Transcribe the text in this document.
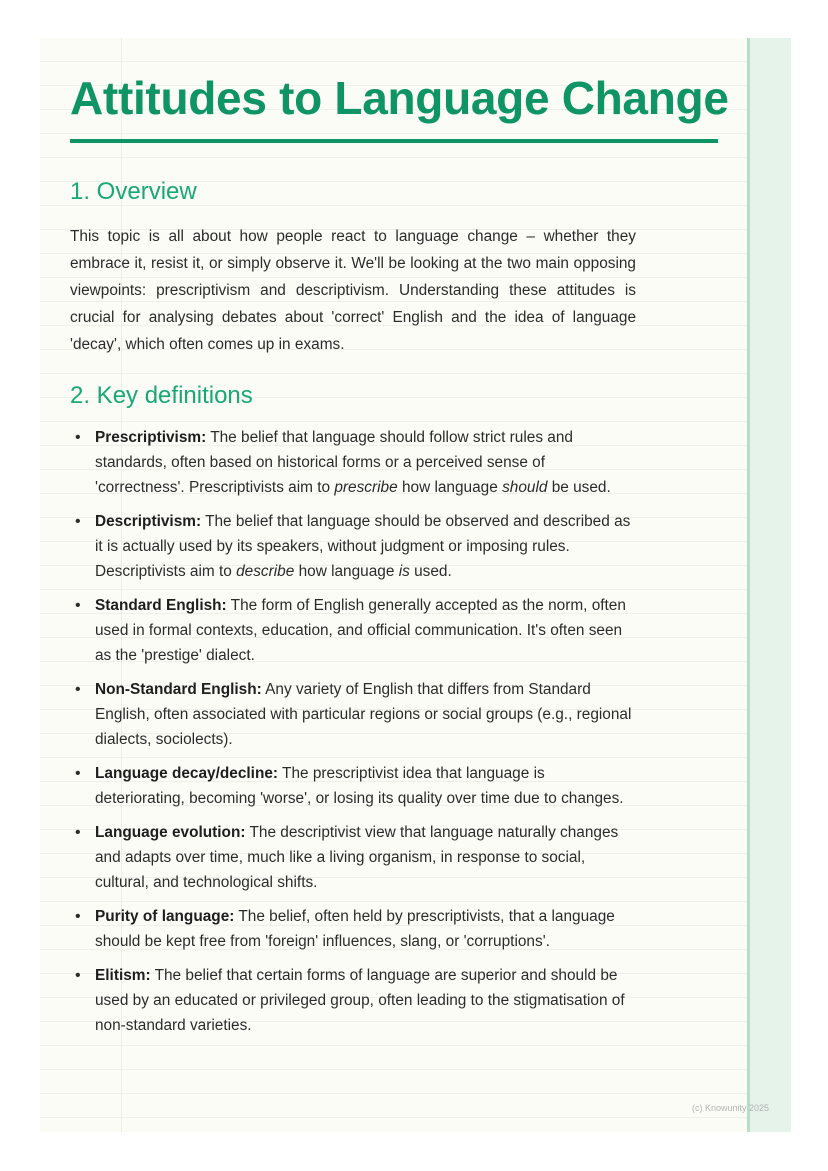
Attitudes to Language Change
1. Overview

This topic is all about how people react to language change – whether they embrace it, resist it, or simply observe it. We'll be looking at the two main opposing viewpoints: prescriptivism and descriptivism. Understanding these attitudes is crucial for analysing debates about 'correct' English and the idea of language 'decay', which often comes up in exams.

2. Key definitions
• Prescriptivism: The belief that language should follow strict rules and standards, often based on historical forms or a perceived sense of 'correctness'. Prescriptivists aim to prescribe how language should be used.
• Descriptivism: The belief that language should be observed and described as it is actually used by its speakers, without judgment or imposing rules. Descriptivists aim to describe how language is used.
• Standard English: The form of English generally accepted as the norm, often used in formal contexts, education, and official communication. It's often seen as the 'prestige' dialect.
• Non-Standard English: Any variety of English that differs from Standard English, often associated with particular regions or social groups (e.g., regional dialects, sociolects).
• Language decay/decline: The prescriptivist idea that language is deteriorating, becoming 'worse', or losing its quality over time due to changes.
• Language evolution: The descriptivist view that language naturally changes and adapts over time, much like a living organism, in response to social, cultural, and technological shifts.
• Purity of language: The belief, often held by prescriptivists, that a language should be kept free from 'foreign' influences, slang, or 'corruptions'.
• Elitism: The belief that certain forms of language are superior and should be used by an educated or privileged group, often leading to the stigmatisation of non-standard varieties.
(c) Knowunity 2025
